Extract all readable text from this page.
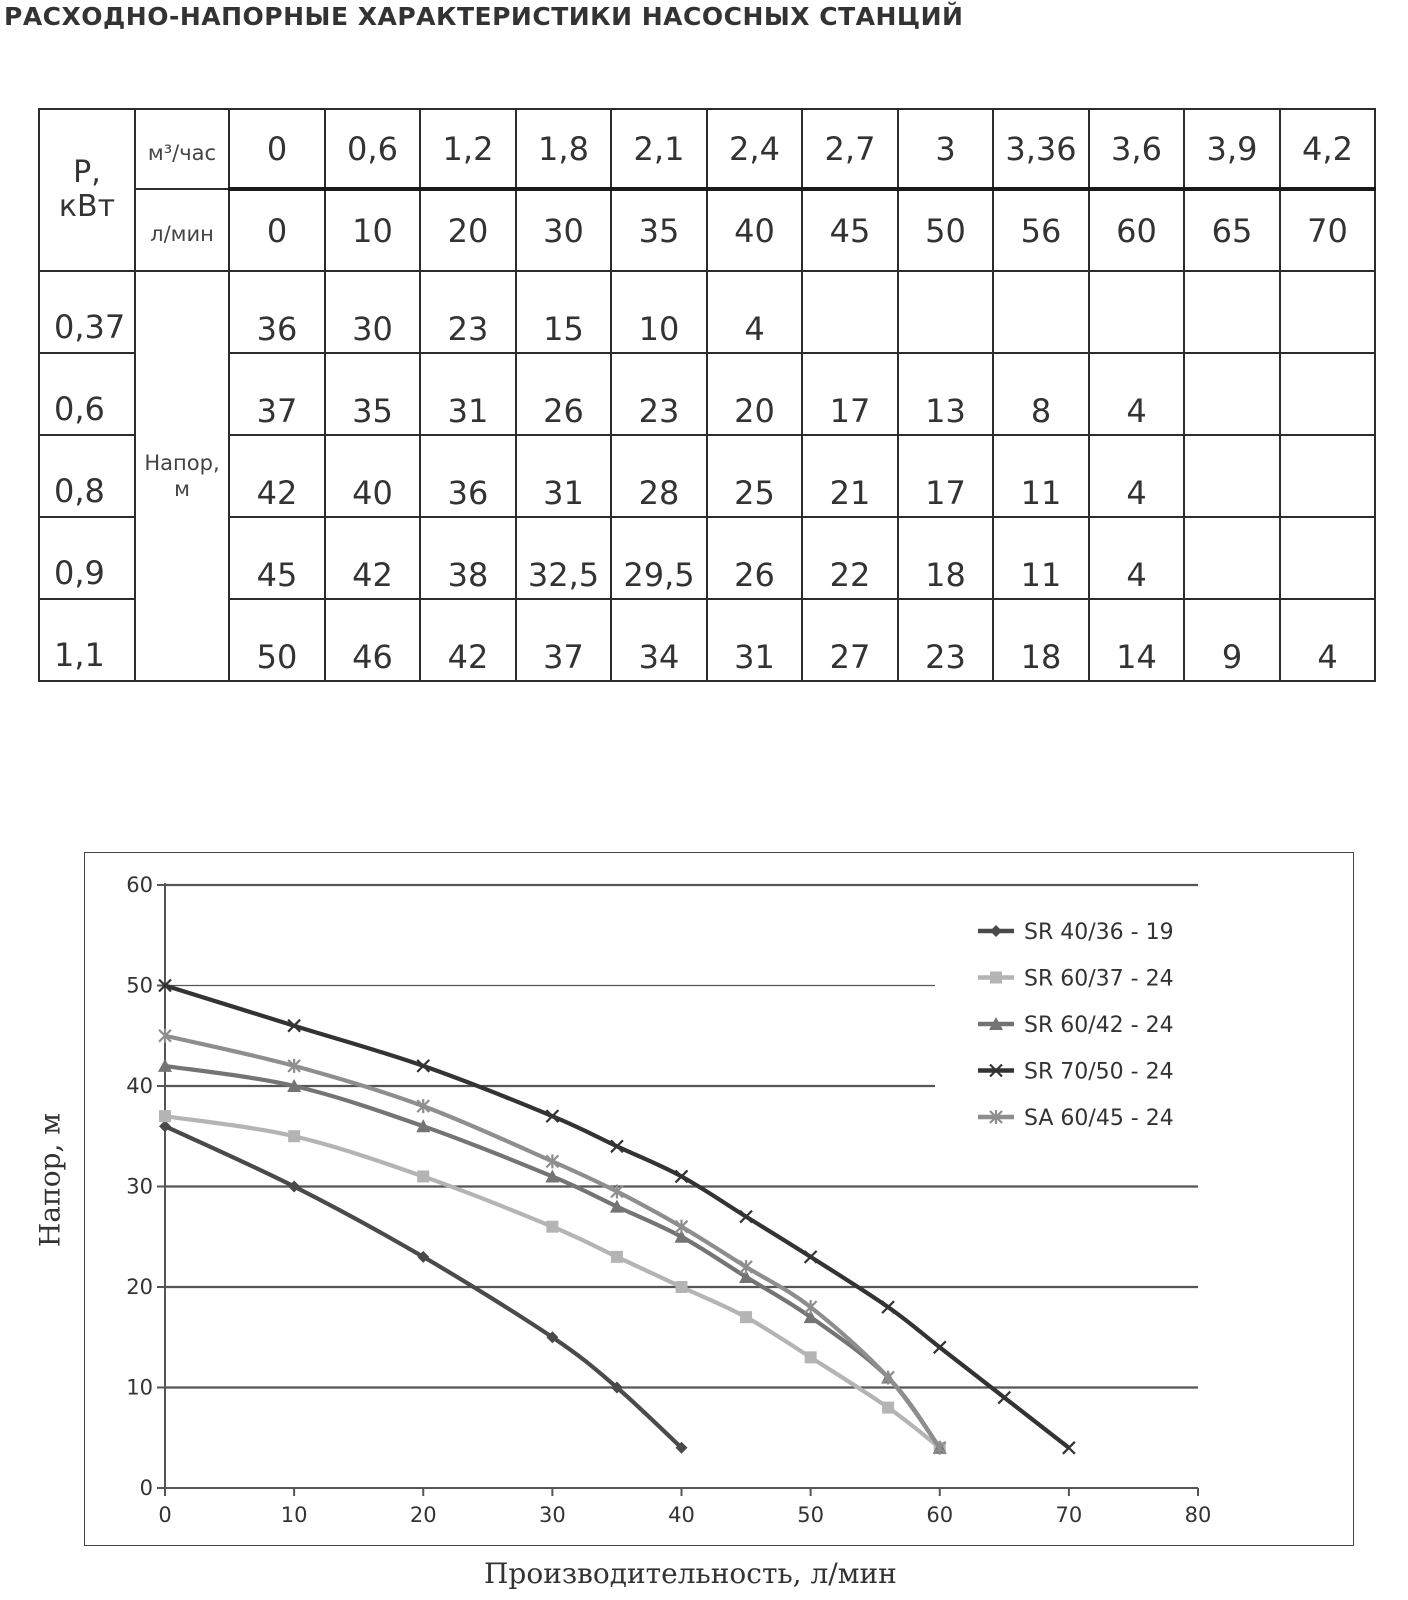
РАСХОДНО-НАПОРНЫЕ ХАРАКТЕРИСТИКИ НАСОСНЫХ СТАНЦИЙ
Р, кВт	м³/час	0	0,6	1,2	1,8	2,1	2,4	2,7	3	3,36	3,6	3,9	4,2
	л/мин	0	10	20	30	35	40	45	50	56	60	65	70
0,37	Напор, м	36	30	23	15	10	4						
0,6		37	35	31	26	23	20	17	13	8	4		
0,8		42	40	36	31	28	25	21	17	11	4		
0,9		45	42	38	32,5	29,5	26	22	18	11	4		
1,1		50	46	42	37	34	31	27	23	18	14	9	4
0
10
20
30
40
50
60
0	10	20	30	40	50	60	70	80
SR 40/36 - 19
SR 60/37 - 24
SR 60/42 - 24
SR 70/50 - 24
SA 60/45 - 24
Производительность, л/мин
Напор, м
